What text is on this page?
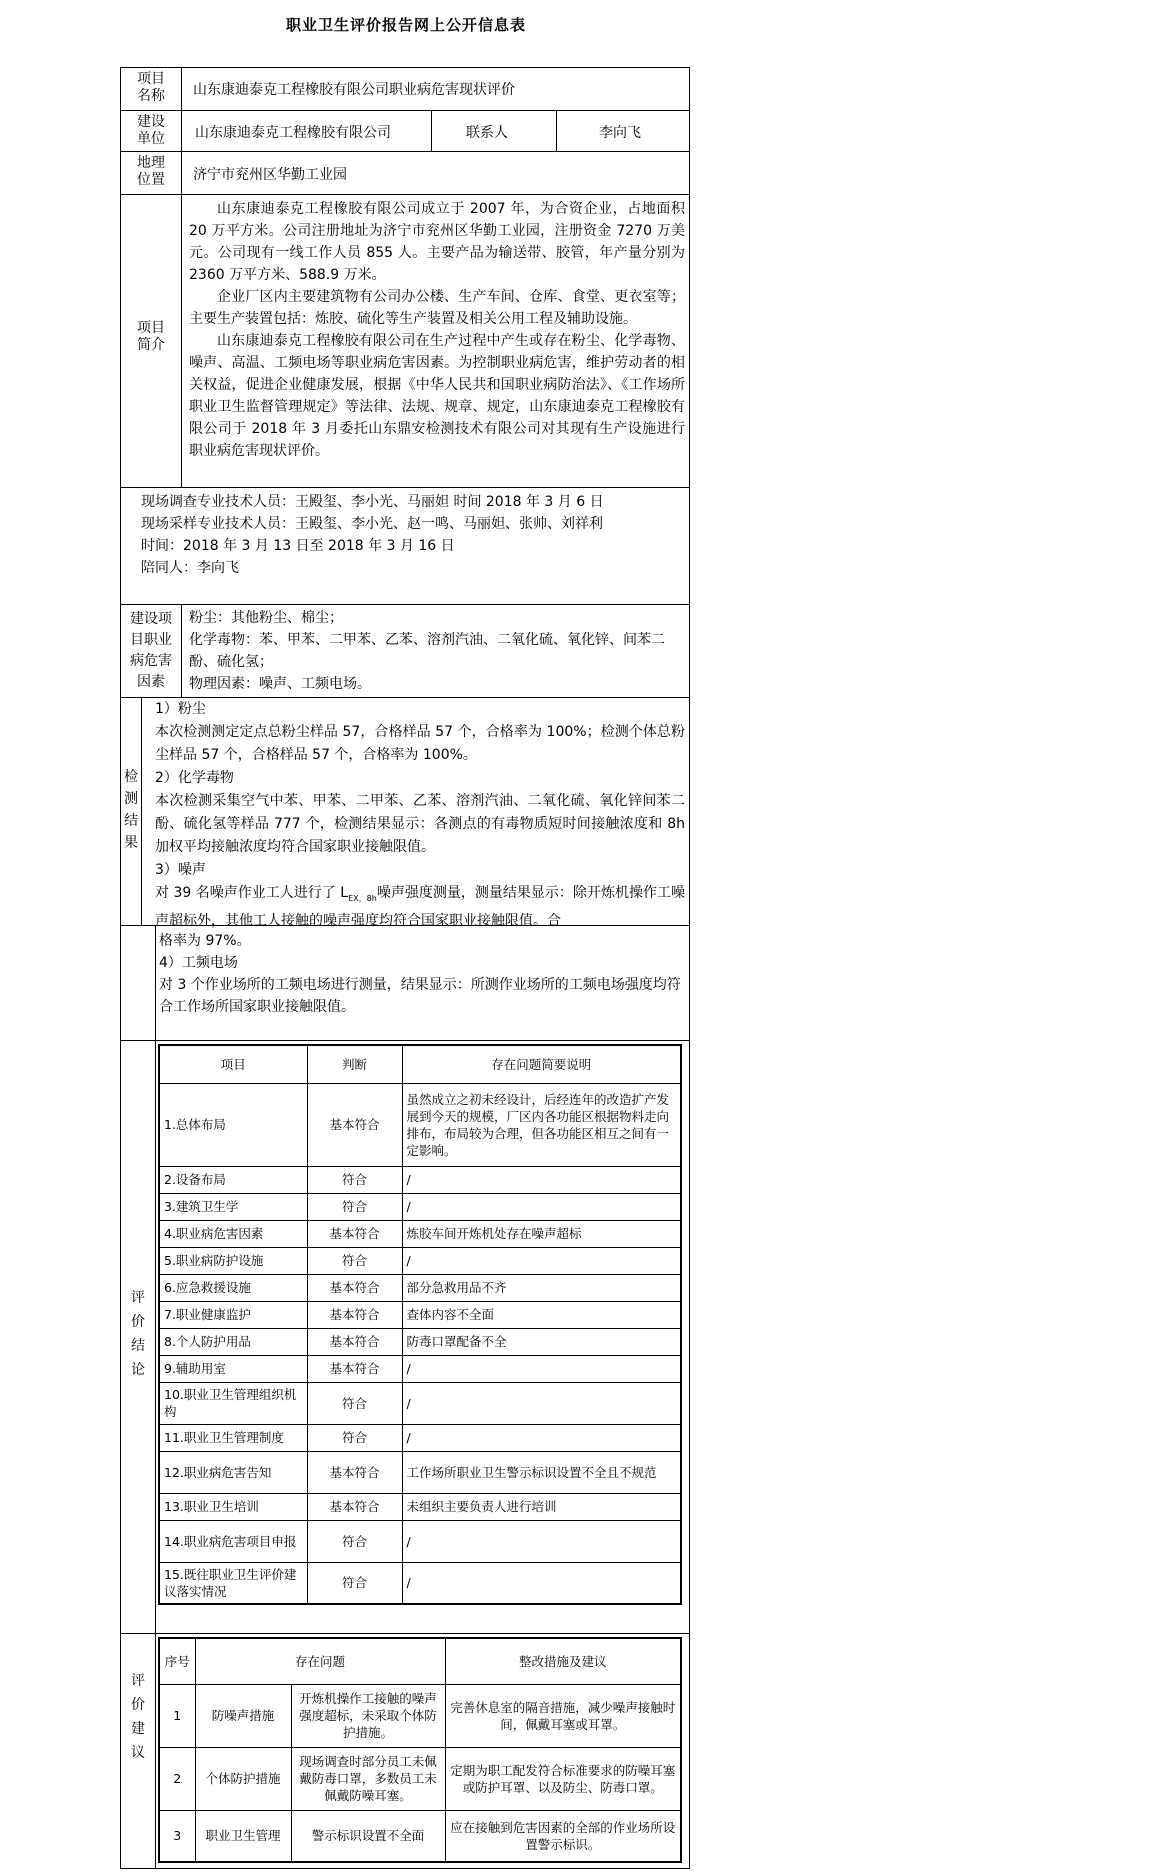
职业卫生评价报告网上公开信息表
项目名称	山东康迪泰克工程橡胶有限公司职业病危害现状评价
建设单位	山东康迪泰克工程橡胶有限公司	联系人	李向飞
地理位置	济宁市兖州区华勤工业园
项目简介

山东康迪泰克工程橡胶有限公司成立于 2007 年，为合资企业，占地面积 20 万平方米。公司注册地址为济宁市兖州区华勤工业园，注册资金 7270 万美元。公司现有一线工作人员 855 人。主要产品为输送带、胶管，年产量分别为 2360 万平方米、588.9 万米。

企业厂区内主要建筑物有公司办公楼、生产车间、仓库、食堂、更衣室等；主要生产装置包括：炼胶、硫化等生产装置及相关公用工程及辅助设施。

山东康迪泰克工程橡胶有限公司在生产过程中产生或存在粉尘、化学毒物、噪声、高温、工频电场等职业病危害因素。为控制职业病危害，维护劳动者的相关权益，促进企业健康发展，根据《中华人民共和国职业病防治法》、《工作场所职业卫生监督管理规定》等法律、法规、规章、规定，山东康迪泰克工程橡胶有限公司于 2018 年 3 月委托山东鼎安检测技术有限公司对其现有生产设施进行职业病危害现状评价。

现场调查专业技术人员：王殿玺、李小光、马丽妲 时间 2018 年 3 月 6 日
现场采样专业技术人员：王殿玺、李小光、赵一鸣、马丽妲、张帅、刘祥利
时间：2018 年 3 月 13 日至 2018 年 3 月 16 日
陪同人：李向飞
建设项目职业病危害因素

粉尘：其他粉尘、棉尘；

化学毒物：苯、甲苯、二甲苯、乙苯、溶剂汽油、二氧化硫、氧化锌、间苯二酚、硫化氢；

物理因素：噪声、工频电场。

检测结果

1）粉尘

本次检测测定定点总粉尘样品 57，合格样品 57 个，合格率为 100%；检测个体总粉尘样品 57 个，合格样品 57 个，合格率为 100%。

2）化学毒物

本次检测采集空气中苯、甲苯、二甲苯、乙苯、溶剂汽油、二氧化硫、氧化锌间苯二酚、硫化氢等样品 777 个，检测结果显示：各测点的有毒物质短时间接触浓度和 8h 加权平均接触浓度均符合国家职业接触限值。

3）噪声

对 39 名噪声作业工人进行了 $L_{EX,8h}$噪声强度测量，测量结果显示：除开炼机操作工噪声超标外，其他工人接触的噪声强度均符合国家职业接触限值。合

格率为 97%。

4）工频电场

对 3 个作业场所的工频电场进行测量，结果显示：所测作业场所的工频电场强度均符合工作场所国家职业接触限值。

评价结论
项目	判断	存在问题简要说明
1.总体布局	基本符合	虽然成立之初未经设计，后经连年的改造扩产发展到今天的规模，厂区内各功能区根据物料走向排布，布局较为合理，但各功能区相互之间有一定影响。
2.设备布局	符合	/
3.建筑卫生学	符合	/
4.职业病危害因素	基本符合	炼胶车间开炼机处存在噪声超标
5.职业病防护设施	符合	/
6.应急救援设施	基本符合	部分急救用品不齐
7.职业健康监护	基本符合	查体内容不全面
8.个人防护用品	基本符合	防毒口罩配备不全
9.辅助用室	基本符合	/
10.职业卫生管理组织机构	符合	/
11.职业卫生管理制度	符合	/
12.职业病危害告知	基本符合	工作场所职业卫生警示标识设置不全且不规范
13.职业卫生培训	基本符合	未组织主要负责人进行培训
14.职业病危害项目申报	符合	/
15.既往职业卫生评价建议落实情况	符合	/
评价建议
序号	存在问题		整改措施及建议
1	防噪声措施	开炼机操作工接触的噪声强度超标，未采取个体防护措施。	完善休息室的隔音措施，减少噪声接触时间，佩戴耳塞或耳罩。
2	个体防护措施	现场调查时部分员工未佩戴防毒口罩，多数员工未佩戴防噪耳塞。	定期为职工配发符合标准要求的防噪耳塞或防护耳罩、以及防尘、防毒口罩。
3	职业卫生管理	警示标识设置不全面	应在接触到危害因素的全部的作业场所设置警示标识。
